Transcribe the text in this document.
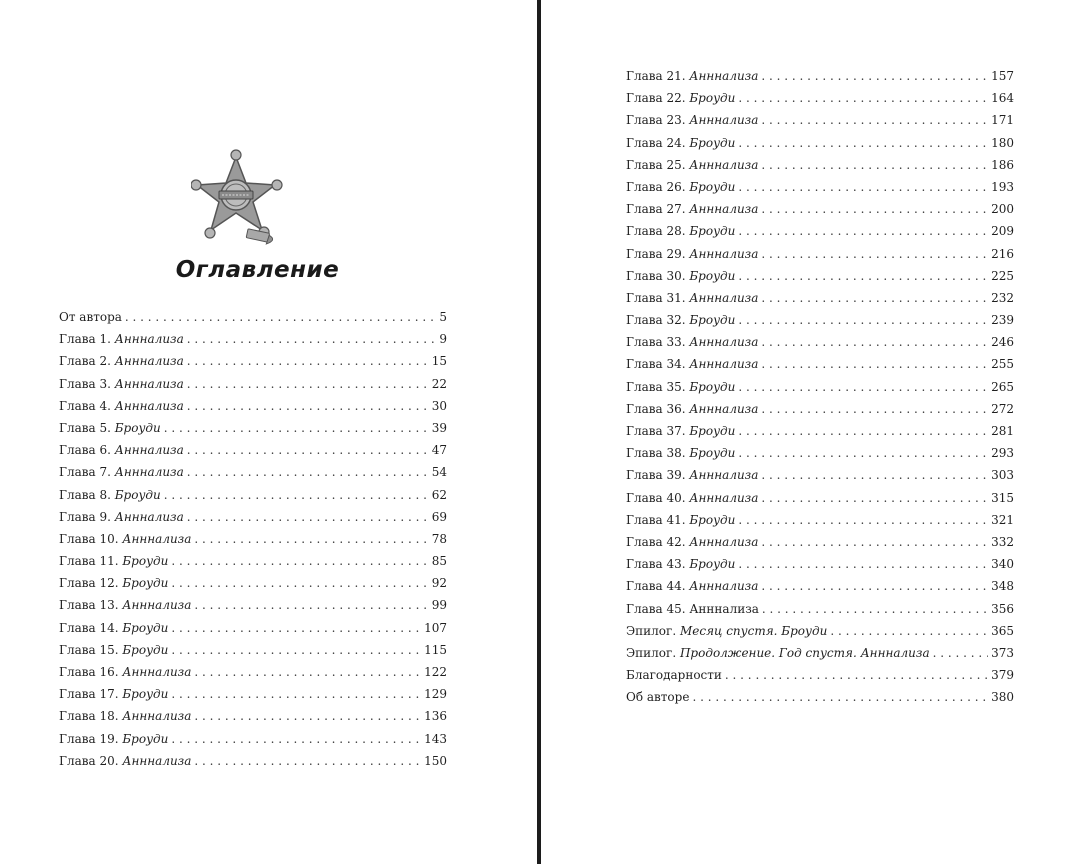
Оглавление
От автора . . .	5
Глава 1. Анннализа . . .	9
Глава 2. Анннализа . . .	15
Глава 3. Анннализа . . .	22
Глава 4. Анннализа . . .	30
Глава 5. Броуди . . .	39
Глава 6. Анннализа . . .	47
Глава 7. Анннализа . . .	54
Глава 8. Броуди . . .	62
Глава 9. Анннализа . . .	69
Глава 10. Анннализа . . .	78
Глава 11. Броуди . . .	85
Глава 12. Броуди . . .	92
Глава 13. Анннализа . . .	99
Глава 14. Броуди . . .	107
Глава 15. Броуди . . .	115
Глава 16. Анннализа . . .	122
Глава 17. Броуди . . .	129
Глава 18. Анннализа . . .	136
Глава 19. Броуди . . .	143
Глава 20. Анннализа . . .	150
Глава 21. Анннализа . . .	157
Глава 22. Броуди . . .	164
Глава 23. Анннализа . . .	171
Глава 24. Броуди . . .	180
Глава 25. Анннализа . . .	186
Глава 26. Броуди . . .	193
Глава 27. Анннализа . . .	200
Глава 28. Броуди . . .	209
Глава 29. Анннализа . . .	216
Глава 30. Броуди . . .	225
Глава 31. Анннализа . . .	232
Глава 32. Броуди . . .	239
Глава 33. Анннализа . . .	246
Глава 34. Анннализа . . .	255
Глава 35. Броуди . . .	265
Глава 36. Анннализа . . .	272
Глава 37. Броуди . . .	281
Глава 38. Броуди . . .	293
Глава 39. Анннализа . . .	303
Глава 40. Анннализа . . .	315
Глава 41. Броуди . . .	321
Глава 42. Анннализа . . .	332
Глава 43. Броуди . . .	340
Глава 44. Анннализа . . .	348
Глава 45. Анннализа . . .	356
Эпилог. Месяц спустя. Броуди . . .	365
Эпилог. Продолжение. Год спустя. Анннализа . . .	373
Благодарности . . .	379
Об авторе . . .	380
